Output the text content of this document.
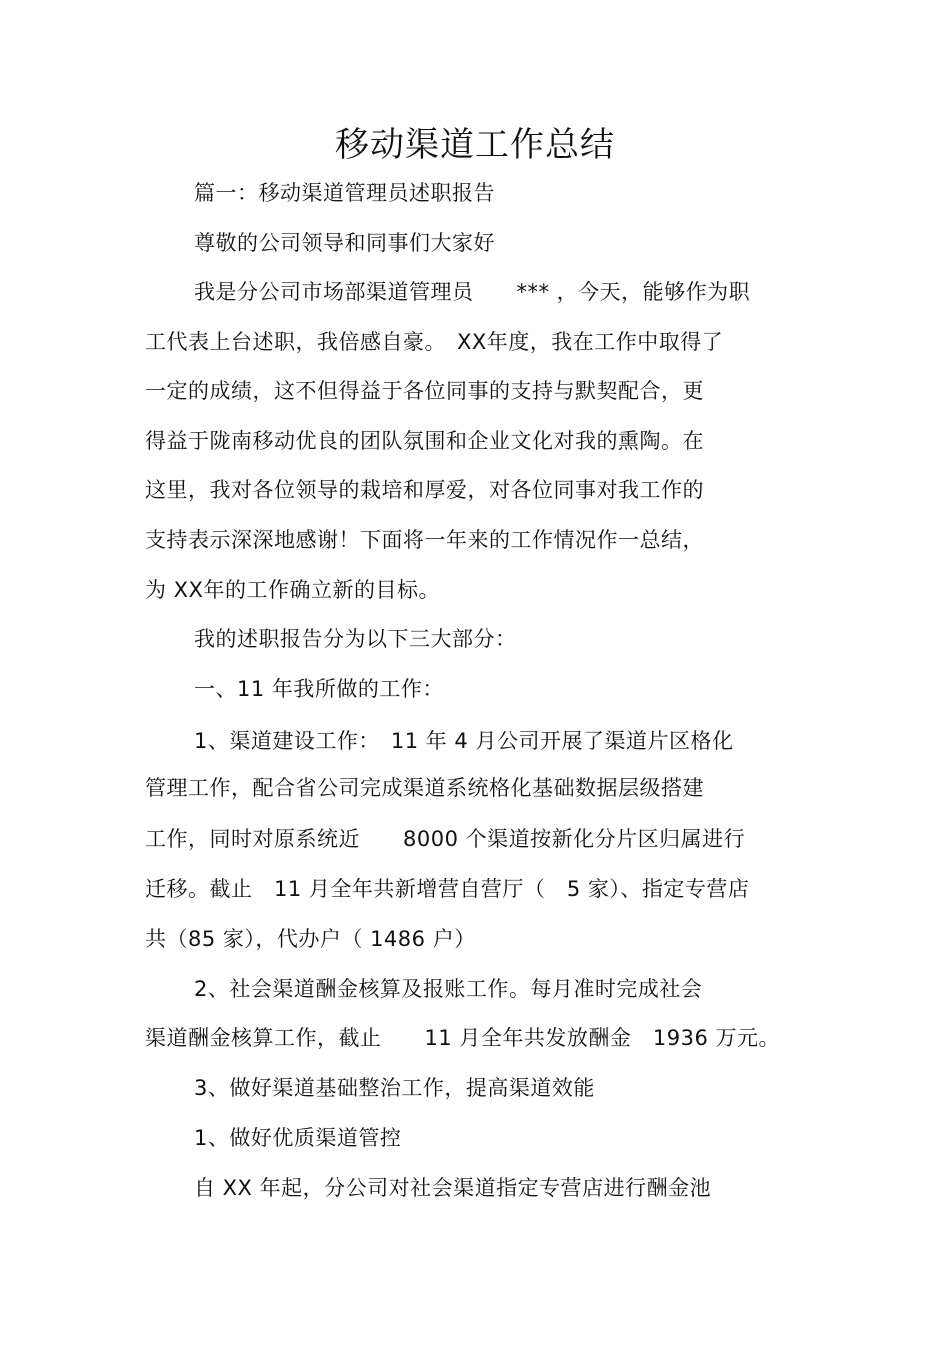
移动渠道工作总结
篇一：移动渠道管理员述职报告
尊敬的公司领导和同事们大家好
我是分公司市场部渠道管理员　　*** ，今天，能够作为职
工代表上台述职，我倍感自豪。　XX年度，我在工作中取得了
一定的成绩，这不但得益于各位同事的支持与默契配合，更
得益于陇南移动优良的团队氛围和企业文化对我的熏陶。在
这里，我对各位领导的栽培和厚爱，对各位同事对我工作的
支持表示深深地感谢！下面将一年来的工作情况作一总结，
为 XX年的工作确立新的目标。
我的述职报告分为以下三大部分：
一、11 年我所做的工作：
1、渠道建设工作：　11 年 4 月公司开展了渠道片区格化
管理工作，配合省公司完成渠道系统格化基础数据层级搭建
工作，同时对原系统近　　8000 个渠道按新化分片区归属进行
迁移。截止　11 月全年共新增营自营厅（　5 家）、指定专营店
共（85 家），代办户（ 1486 户）
2、社会渠道酬金核算及报账工作。每月准时完成社会
渠道酬金核算工作，截止　　11 月全年共发放酬金　1936 万元。
3、做好渠道基础整治工作，提高渠道效能
1、做好优质渠道管控
自 XX 年起，分公司对社会渠道指定专营店进行酬金池
